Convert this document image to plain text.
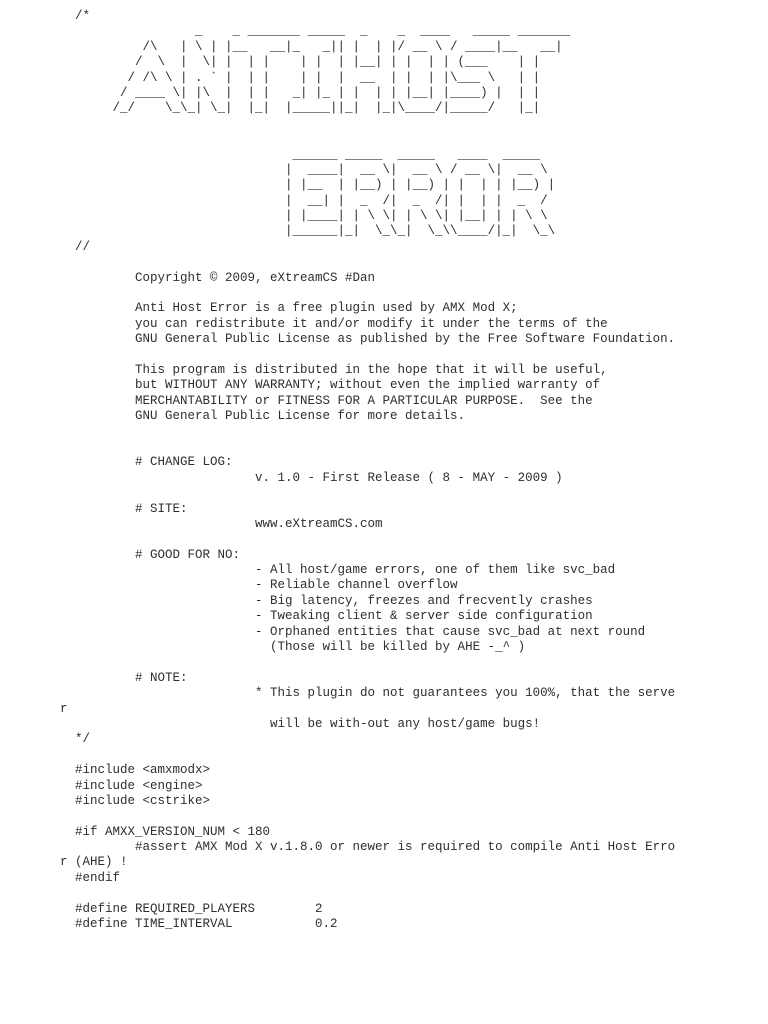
/*
_    _ _______ _____  _    _  ____   _____ _______
/\   | \ | |__   __|_   _|| |  | |/ __ \ / ____|__   __|
/  \  |  \| |  | |    | |  | |__| | |  | | (___    | |
/ /\ \ | . ` |  | |    | |  |  __  | |  | |\___ \   | |
/ ____ \| |\  |  | |   _| |_ | |  | | |__| |____) |  | |
/_/    \_\_| \_|  |_|  |_____||_|  |_|\____/|_____/   |_|
______ _____  _____   ____  _____
|  ____|  __ \|  __ \ / __ \|  __ \
| |__  | |__) | |__) | |  | | |__) |
|  __| |  _  /|  _  /| |  | |  _  /
| |____| | \ \| | \ \| |__| | | \ \
|______|_|  \_\_|  \_\\____/|_|  \_\
//
Copyright © 2009, eXtreamCS #Dan
Anti Host Error is a free plugin used by AMX Mod X;
you can redistribute it and/or modify it under the terms of the
GNU General Public License as published by the Free Software Foundation.
This program is distributed in the hope that it will be useful,
but WITHOUT ANY WARRANTY; without even the implied warranty of
MERCHANTABILITY or FITNESS FOR A PARTICULAR PURPOSE.  See the
GNU General Public License for more details.
# CHANGE LOG:
v. 1.0 - First Release ( 8 - MAY - 2009 )
# SITE:
www.eXtreamCS.com
# GOOD FOR NO:
- All host/game errors, one of them like svc_bad
- Reliable channel overflow
- Big latency, freezes and frecvently crashes
- Tweaking client & server side configuration
- Orphaned entities that cause svc_bad at next round
(Those will be killed by AHE -_^ )
# NOTE:
* This plugin do not guarantees you 100%, that the serve
r
will be with-out any host/game bugs!
*/
#include <amxmodx>
#include <engine>
#include <cstrike>
#if AMXX_VERSION_NUM < 180
#assert AMX Mod X v.1.8.0 or newer is required to compile Anti Host Erro
r (AHE) !
#endif
#define REQUIRED_PLAYERS        2
#define TIME_INTERVAL           0.2
